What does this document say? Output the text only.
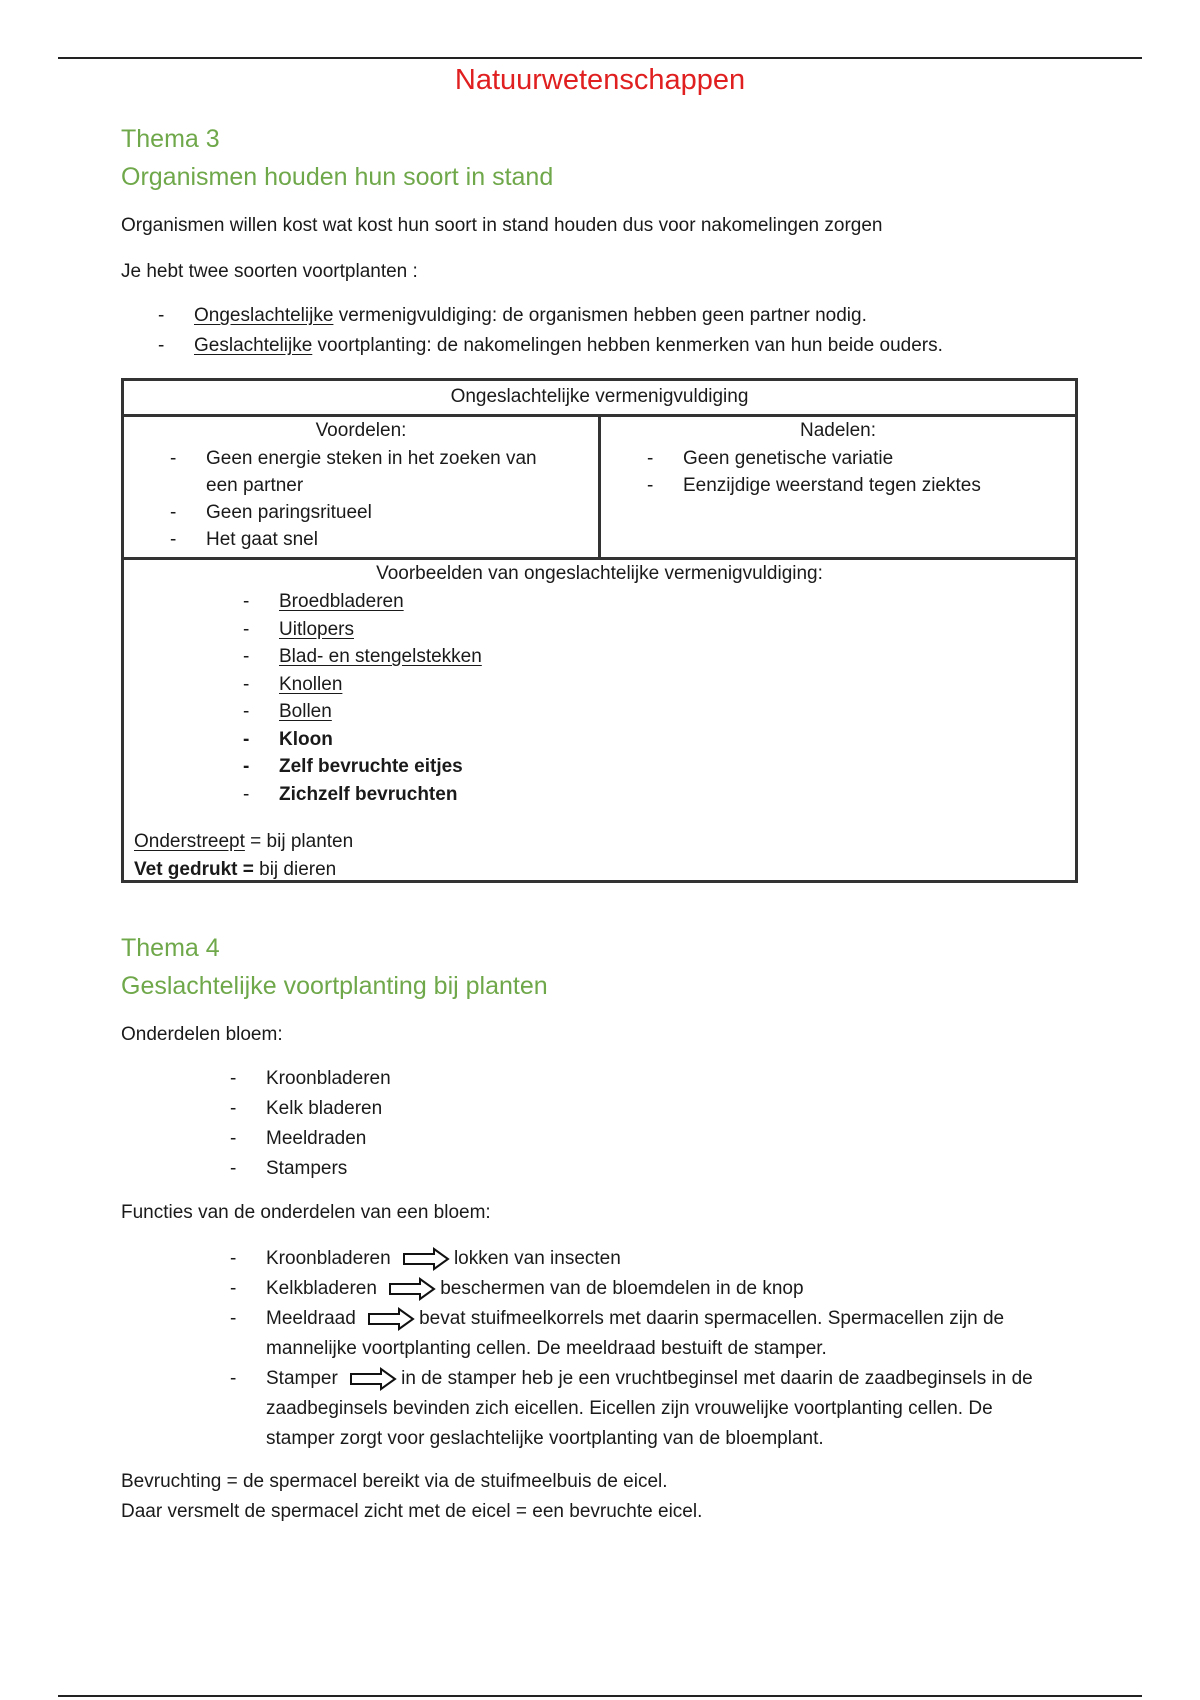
Natuurwetenschappen
Thema 3
Organismen houden hun soort in stand

Organismen willen kost wat kost hun soort in stand houden dus voor nakomelingen zorgen

Je hebt twee soorten voortplanten :

- Ongeslachtelijke vermenigvuldiging: de organismen hebben geen partner nodig.
- Geslachtelijke voortplanting: de nakomelingen hebben kenmerken van hun beide ouders.
Ongeslachtelijke vermenigvuldiging
Voordelen:
- Geen energie steken in het zoeken van een partner
- Geen paringsritueel
- Het gaat snel
Nadelen:
- Geen genetische variatie
- Eenzijdige weerstand tegen ziektes
Voorbeelden van ongeslachtelijke vermenigvuldiging:
- Broedbladeren
- Uitlopers
- Blad- en stengelstekken
- Knollen
- Bollen
- Kloon
- Zelf bevruchte eitjes
- Zichzelf bevruchten
Onderstreept = bij planten
Vet gedrukt = bij dieren
Thema 4
Geslachtelijke voortplanting bij planten

Onderdelen bloem:

- Kroonbladeren
- Kelk bladeren
- Meeldraden
- Stampers

Functies van de onderdelen van een bloem:

- Kroonbladeren	lokken van insecten
- Kelkbladeren	beschermen van de bloemdelen in de knop
- Meeldraad	bevat stuifmeelkorrels met daarin spermacellen. Spermacellen zijn de
mannelijke voortplanting cellen. De meeldraad bestuift de stamper.
- Stamper	in de stamper heb je een vruchtbeginsel met daarin de zaadbeginsels in de
zaadbeginsels bevinden zich eicellen. Eicellen zijn vrouwelijke voortplanting cellen. De
stamper zorgt voor geslachtelijke voortplanting van de bloemplant.

Bevruchting = de spermacel bereikt via de stuifmeelbuis de eicel.

Daar versmelt de spermacel zicht met de eicel = een bevruchte eicel.
